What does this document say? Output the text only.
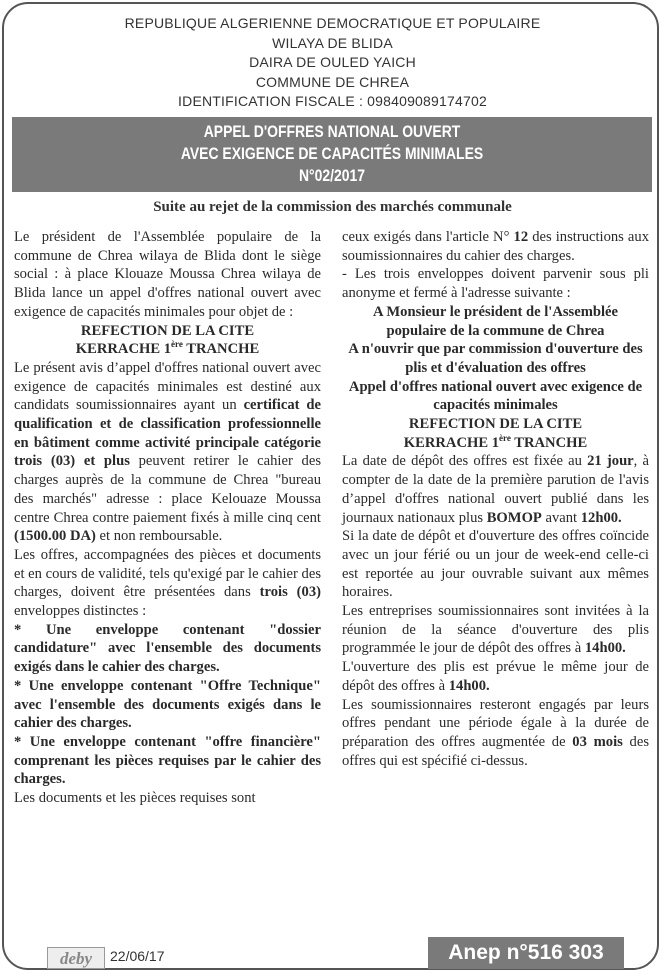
REPUBLIQUE ALGERIENNE DEMOCRATIQUE ET POPULAIRE
WILAYA DE BLIDA
DAIRA DE OULED YAICH
COMMUNE DE CHREA
IDENTIFICATION FISCALE : 098409089174702
APPEL D'OFFRES NATIONAL OUVERT
AVEC EXIGENCE DE CAPACITÉS MINIMALES
N°02/2017
Suite au rejet de la commission des marchés communale

Le président de l'Assemblée populaire de la commune de Chrea wilaya de Blida dont le siège social : à place Klouaze Moussa Chrea wilaya de Blida lance un appel d'offres national ouvert avec exigence de capacités minimales pour objet de :

REFECTION DE LA CITE

KERRACHE 1ère TRANCHE

Le présent avis d’appel d'offres national ouvert avec exigence de capacités minimales est destiné aux candidats soumissionnaires ayant un certificat de qualification et de classification professionnelle en bâtiment comme activité principale catégorie trois (03) et plus peuvent retirer le cahier des charges auprès de la commune de Chrea "bureau des marchés" adresse : place Kelouaze Moussa centre Chrea contre paiement fixés à mille cinq cent (1500.00 DA) et non remboursable.

Les offres, accompagnées des pièces et documents et en cours de validité, tels qu'exigé par le cahier des charges, doivent être présentées dans trois (03) enveloppes distinctes :

* Une enveloppe contenant "dossier candidature" avec l'ensemble des documents exigés dans le cahier des charges.

* Une enveloppe contenant "Offre Technique" avec l'ensemble des documents exigés dans le cahier des charges.

* Une enveloppe contenant "offre financière" comprenant les pièces requises par le cahier des charges.

Les documents et les pièces requises sont

ceux exigés dans l'article N° 12 des instructions aux soumissionnaires du cahier des charges.

- Les trois enveloppes doivent parvenir sous pli anonyme et fermé à l'adresse suivante :

A Monsieur le président de l'Assemblée populaire de la commune de Chrea

A n'ouvrir que par commission d'ouverture des plis et d'évaluation des offres

Appel d'offres national ouvert avec exigence de capacités minimales

REFECTION DE LA CITE

KERRACHE 1ère TRANCHE

La date de dépôt des offres est fixée au 21 jour, à compter de la date de la première parution de l'avis d’appel d'offres national ouvert publié dans les journaux nationaux plus BOMOP avant 12h00.

Si la date de dépôt et d'ouverture des offres coïncide avec un jour férié ou un jour de week-end celle-ci est reportée au jour ouvrable suivant aux mêmes horaires.

Les entreprises soumissionnaires sont invitées à la réunion de la séance d'ouverture des plis programmée le jour de dépôt des offres à 14h00.

L'ouverture des plis est prévue le même jour de dépôt des offres à 14h00.

Les soumissionnaires resteront engagés par leurs offres pendant une période égale à la durée de préparation des offres augmentée de 03 mois des offres qui est spécifié ci-dessus.

deby	22/06/17	Anep n°516 303
